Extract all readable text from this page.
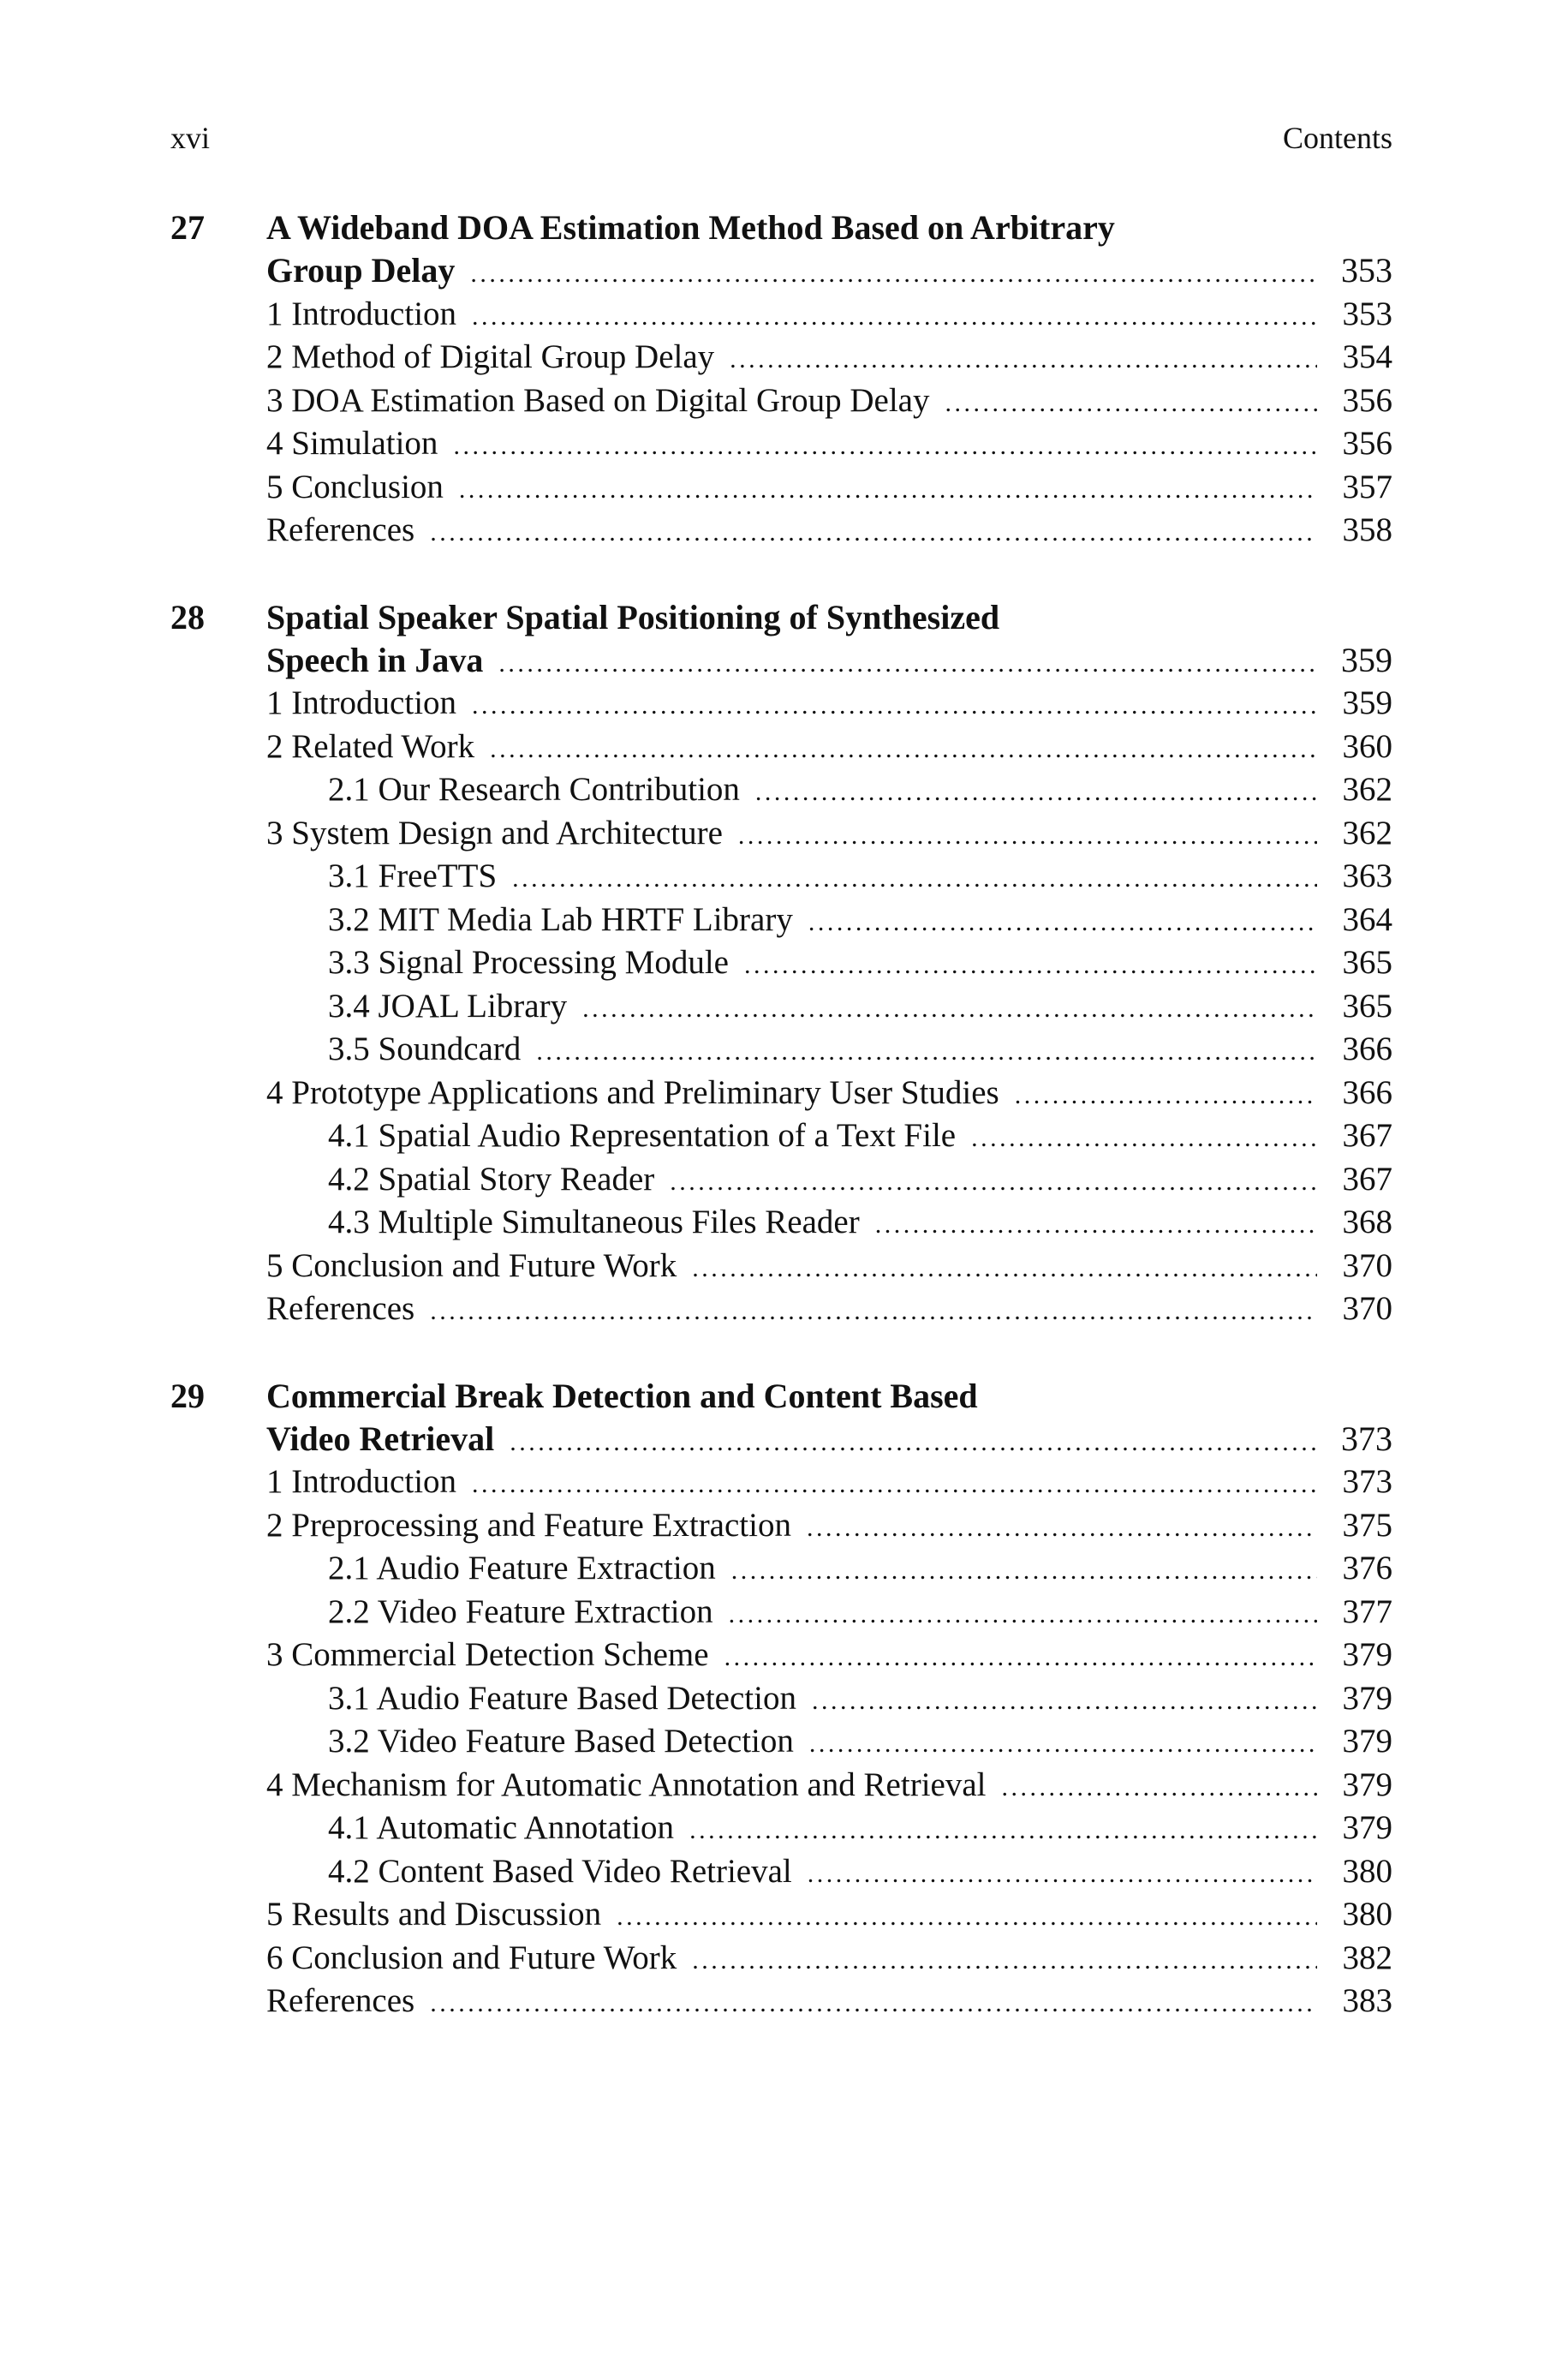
xvi	Contents
27	A Wideband DOA Estimation Method Based on Arbitrary
Group Delay . . .	353
1 Introduction . . .	353
2 Method of Digital Group Delay . . .	354
3 DOA Estimation Based on Digital Group Delay . . .	356
4 Simulation . . .	356
5 Conclusion . . .	357
References . . .	358
28	Spatial Speaker Spatial Positioning of Synthesized
Speech in Java . . .	359
1 Introduction . . .	359
2 Related Work . . .	360
2.1 Our Research Contribution . . .	362
3 System Design and Architecture . . .	362
3.1 FreeTTS . . .	363
3.2 MIT Media Lab HRTF Library . . .	364
3.3 Signal Processing Module . . .	365
3.4 JOAL Library . . .	365
3.5 Soundcard . . .	366
4 Prototype Applications and Preliminary User Studies . . .	366
4.1 Spatial Audio Representation of a Text File . . .	367
4.2 Spatial Story Reader . . .	367
4.3 Multiple Simultaneous Files Reader . . .	368
5 Conclusion and Future Work . . .	370
References . . .	370
29	Commercial Break Detection and Content Based
Video Retrieval . . .	373
1 Introduction . . .	373
2 Preprocessing and Feature Extraction . . .	375
2.1 Audio Feature Extraction . . .	376
2.2 Video Feature Extraction . . .	377
3 Commercial Detection Scheme . . .	379
3.1 Audio Feature Based Detection . . .	379
3.2 Video Feature Based Detection . . .	379
4 Mechanism for Automatic Annotation and Retrieval . . .	379
4.1 Automatic Annotation . . .	379
4.2 Content Based Video Retrieval . . .	380
5 Results and Discussion . . .	380
6 Conclusion and Future Work . . .	382
References . . .	383
